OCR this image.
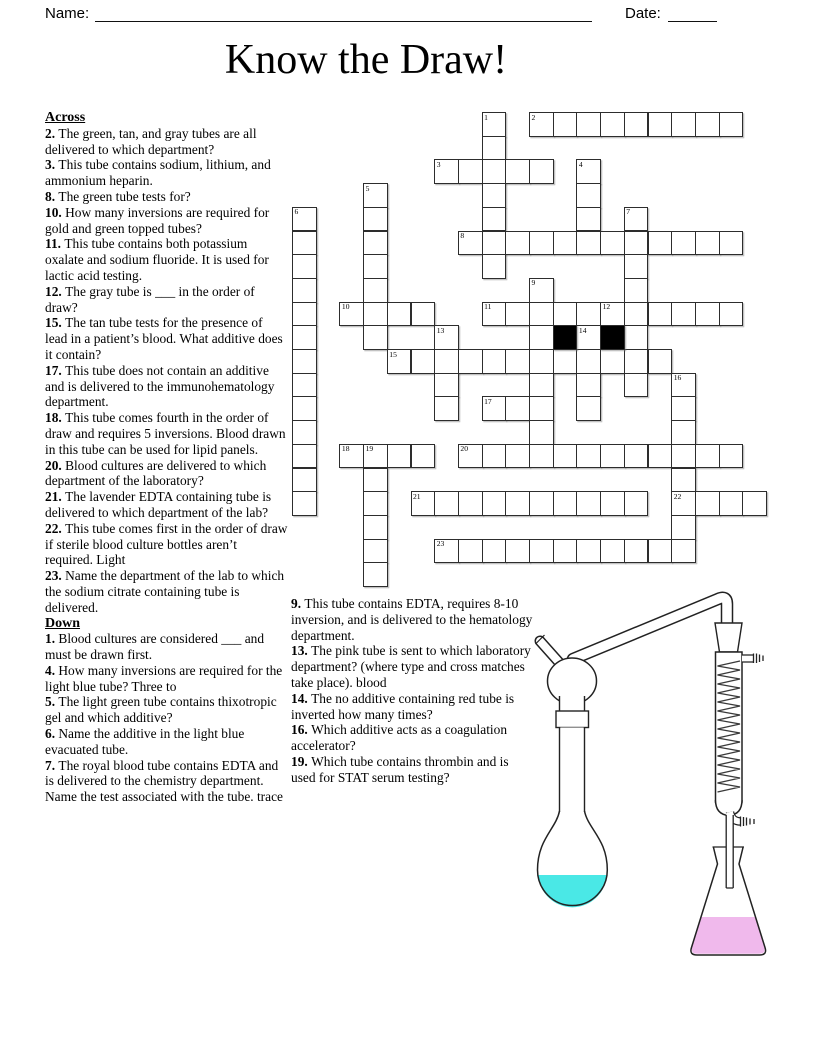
Name:	Date:
Know the Draw!
Across
2. The green, tan, and gray tubes are all delivered to which department?
3. This tube contains sodium, lithium, and ammonium heparin.
8. The green tube tests for?
10. How many inversions are required for gold and green topped tubes?
11. This tube contains both potassium oxalate and sodium fluoride. It is used for lactic acid testing.
12. The gray tube is ___ in the order of draw?
15. The tan tube tests for the presence of lead in a patient’s blood. What additive does it contain?
17. This tube does not contain an additive and is delivered to the immunohematology department.
18. This tube comes fourth in the order of draw and requires 5 inversions. Blood drawn in this tube can be used for lipid panels.
20. Blood cultures are delivered to which department of the laboratory?
21. The lavender EDTA containing tube is delivered to which department of the lab?
22. This tube comes first in the order of draw if sterile blood culture bottles aren’t required. Light
23. Name the department of the lab to which the sodium citrate containing tube is delivered.
Down
1. Blood cultures are considered ___ and must be drawn first.
4. How many inversions are required for the light blue tube? Three to
5. The light green tube contains thixotropic gel and which additive?
6. Name the additive in the light blue evacuated tube.
7. The royal blood tube contains EDTA and is delivered to the chemistry department. Name the test associated with the tube. trace
9. This tube contains EDTA, requires 8-10 inversion, and is delivered to the hematology department.
13. The pink tube is sent to which laboratory department? (where type and cross matches take place). blood
14. The no additive containing red tube is inverted how many times?
16. Which additive acts as a coagulation accelerator?
19. Which tube contains thrombin and is used for STAT serum testing?
1	2
3	4
5
6	7
8
9
10	11	12
13	14
15
16
17
18 19	20
21	22
23
